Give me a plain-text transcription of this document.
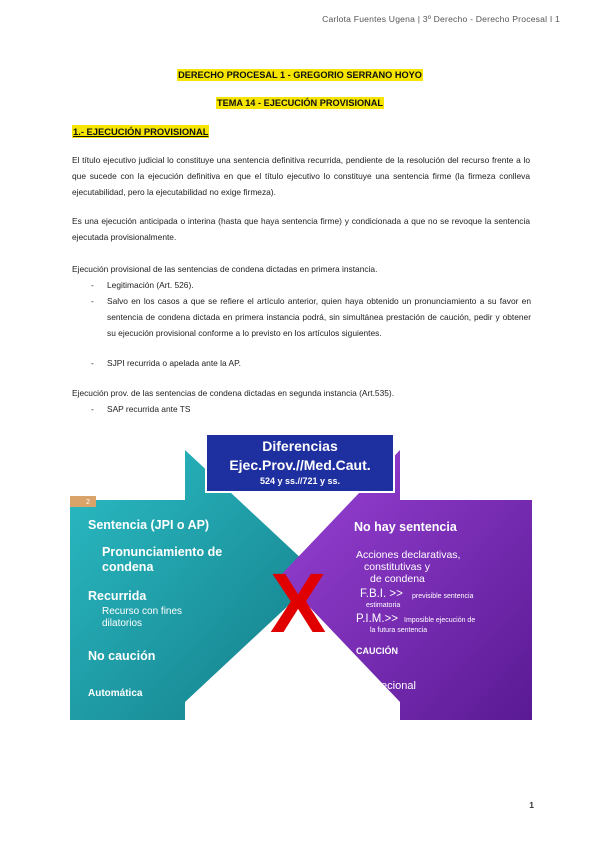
Carlota Fuentes Ugena | 3º Derecho - Derecho Procesal I 1
DERECHO PROCESAL 1 - GREGORIO SERRANO HOYO
TEMA 14 - EJECUCIÓN PROVISIONAL
1.- EJECUCIÓN PROVISIONAL
El título ejecutivo judicial lo constituye una sentencia definitiva recurrida, pendiente de la resolución del recurso frente a lo que sucede con la ejecución definitiva en que el título ejecutivo lo constituye una sentencia firme (la firmeza conlleva ejecutabilidad, pero la ejecutabilidad no exige firmeza).
Es una ejecución anticipada o interina (hasta que haya sentencia firme) y condicionada a que no se revoque la sentencia ejecutada provisionalmente.
Ejecución provisional de las sentencias de condena dictadas en primera instancia.
- Legitimación (Art. 526).
- Salvo en los casos a que se refiere el artículo anterior, quien haya obtenido un pronunciamiento a su favor en sentencia de condena dictada en primera instancia podrá, sin simultánea prestación de caución, pedir y obtener su ejecución provisional conforme a lo previsto en los artículos siguientes.
- SJPI recurrida o apelada ante la AP.
Ejecución prov. de las sentencias de condena dictadas en segunda instancia (Art.535).
- SAP recurrida ante TS
2
Diferencias
Ejec.Prov.//Med.Caut.
524 y ss.//721 y ss.
Sentencia (JPI o AP)
Pronunciamiento de
condena
Recurrida
Recurso con fines
dilatorios
No caución
Automática
X
No hay sentencia
Acciones declarativas,
constitutivas y
de condena
F.B.I. >> previsible sentencia
estimatoria
P.I.M.>> Imposible ejecución de
la futura sentencia
CAUCIÓN
Discrecional
1
